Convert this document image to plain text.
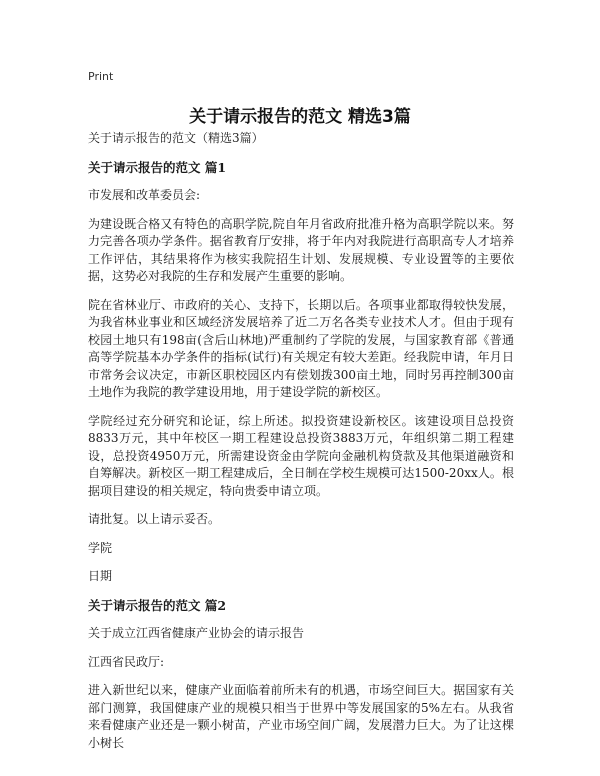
Print
关于请示报告的范文 精选3篇

关于请示报告的范文（精选3篇）

关于请示报告的范文 篇1

市发展和改革委员会:

为建设既合格又有特色的高职学院,院自年月省政府批准升格为高职学院以来。努力完善各项办学条件。据省教育厅安排，将于年内对我院进行高职高专人才培养工作评估，其结果将作为核实我院招生计划、发展规模、专业设置等的主要依据，这势必对我院的生存和发展产生重要的影响。

院在省林业厅、市政府的关心、支持下，长期以后。各项事业都取得较快发展，为我省林业事业和区域经济发展培养了近二万名各类专业技术人才。但由于现有校园土地只有198亩(含后山林地)严重制约了学院的发展，与国家教育部《普通高等学院基本办学条件的指标(试行)有关规定有较大差距。经我院申请，年月日市常务会议决定，市新区职校园区内有偿划拨300亩土地，同时另再控制300亩土地作为我院的教学建设用地，用于建设学院的新校区。

学院经过充分研究和论证，综上所述。拟投资建设新校区。该建设项目总投资8833万元，其中年校区一期工程建设总投资3883万元，年组织第二期工程建设，总投资4950万元，所需建设资金由学院向金融机构贷款及其他渠道融资和自筹解决。新校区一期工程建成后，全日制在学校生规模可达1500-20xx人。根据项目建设的相关规定，特向贵委申请立项。

请批复。以上请示妥否。

学院

日期

关于请示报告的范文 篇2

关于成立江西省健康产业协会的请示报告

江西省民政厅:

进入新世纪以来，健康产业面临着前所未有的机遇，市场空间巨大。据国家有关部门测算，我国健康产业的规模只相当于世界中等发展国家的5%左右。从我省来看健康产业还是一颗小树苗，产业市场空间广阔，发展潜力巨大。为了让这棵小树长
